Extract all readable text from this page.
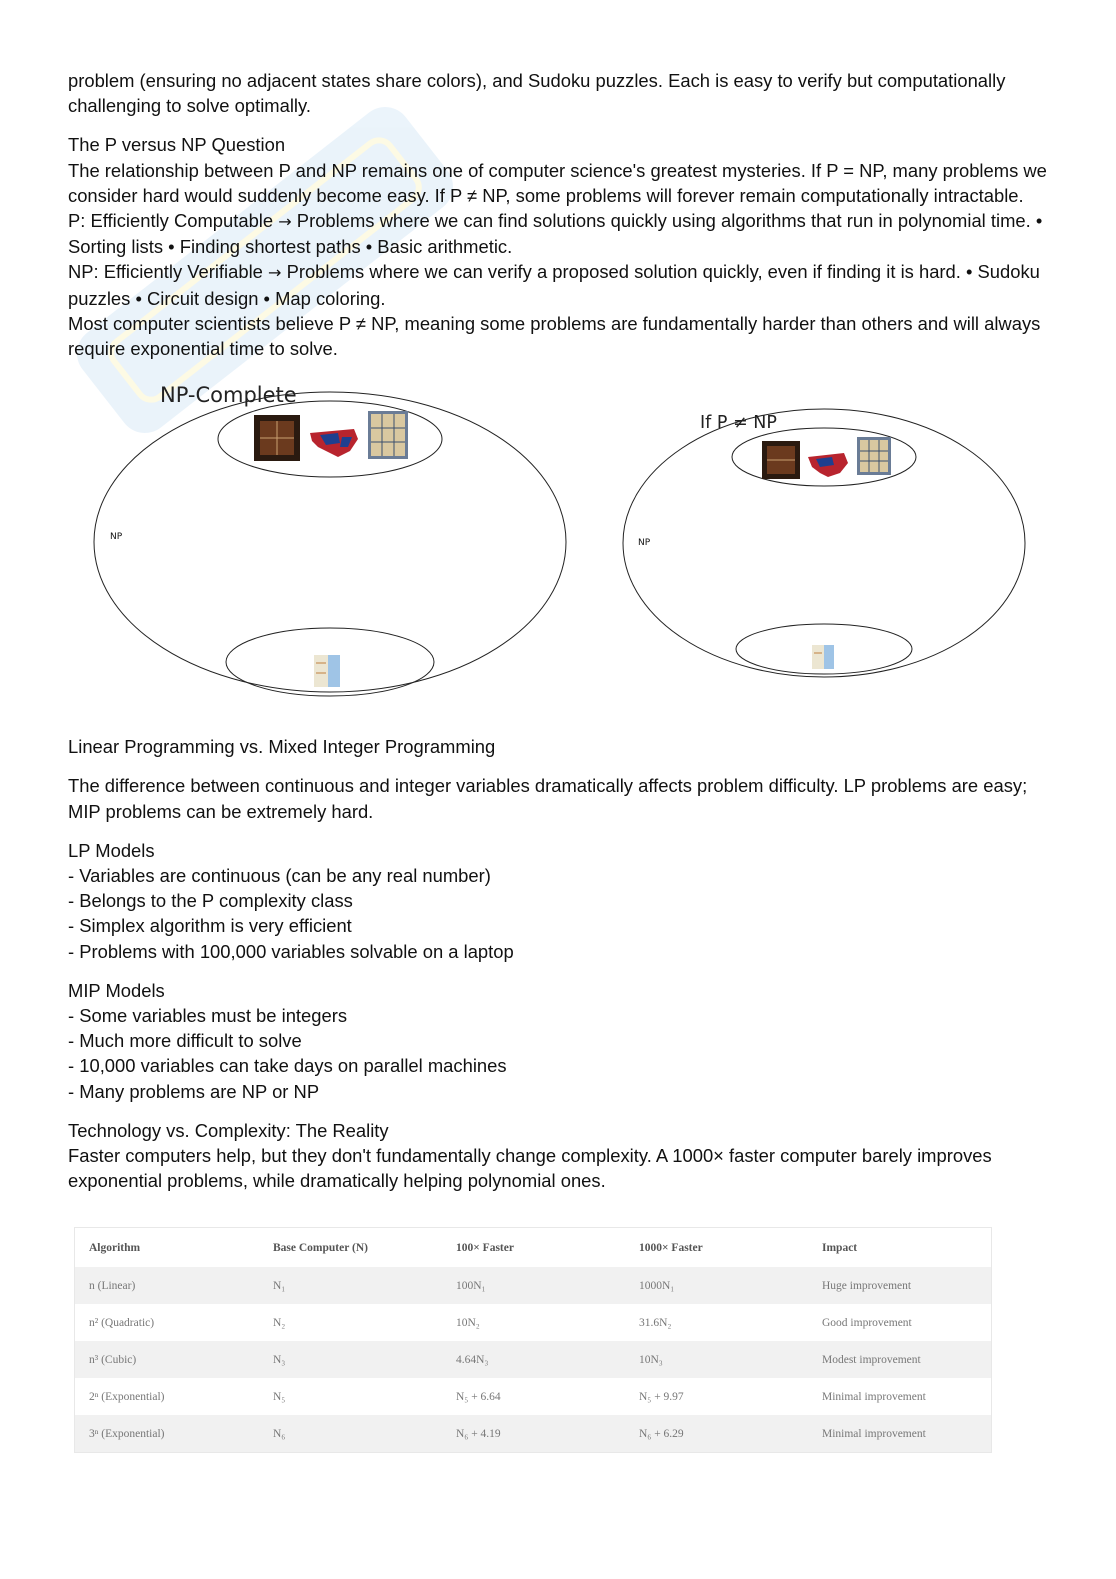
problem (ensuring no adjacent states share colors), and Sudoku puzzles. Each is easy to verify but computationally challenging to solve optimally.

The P versus NP Question

The relationship between P and NP remains one of computer science's greatest mysteries. If P = NP, many problems we consider hard would suddenly become easy. If P ≠ NP, some problems will forever remain computationally intractable.

P: Efficiently Computable → Problems where we can find solutions quickly using algorithms that run in polynomial time. • Sorting lists • Finding shortest paths • Basic arithmetic.

NP: Efficiently Verifiable → Problems where we can verify a proposed solution quickly, even if finding it is hard. • Sudoku puzzles • Circuit design • Map coloring.

Most computer scientists believe P ≠ NP, meaning some problems are fundamentally harder than others and will always require exponential time to solve.

NP-Complete
If P ≠ NP
NP
NP

Linear Programming vs. Mixed Integer Programming

The difference between continuous and integer variables dramatically affects problem difficulty. LP problems are easy; MIP problems can be extremely hard.

LP Models

- Variables are continuous (can be any real number)

- Belongs to the P complexity class

- Simplex algorithm is very efficient

- Problems with 100,000 variables solvable on a laptop

MIP Models

- Some variables must be integers

- Much more difficult to solve

- 10,000 variables can take days on parallel machines

- Many problems are NP or NP

Technology vs. Complexity: The Reality

Faster computers help, but they don't fundamentally change complexity. A 1000× faster computer barely improves exponential problems, while dramatically helping polynomial ones.

Algorithm	Base Computer (N)	100× Faster	1000× Faster	Impact
n (Linear)	N₁	100N₁	1000N₁	Huge improvement
n² (Quadratic)	N₂	10N₂	31.6N₂	Good improvement
n³ (Cubic)	N₃	4.64N₃	10N₃	Modest improvement
2ⁿ (Exponential)	N₅	N₅ + 6.64	N₅ + 9.97	Minimal improvement
3ⁿ (Exponential)	N₆	N₆ + 4.19	N₆ + 6.29	Minimal improvement
